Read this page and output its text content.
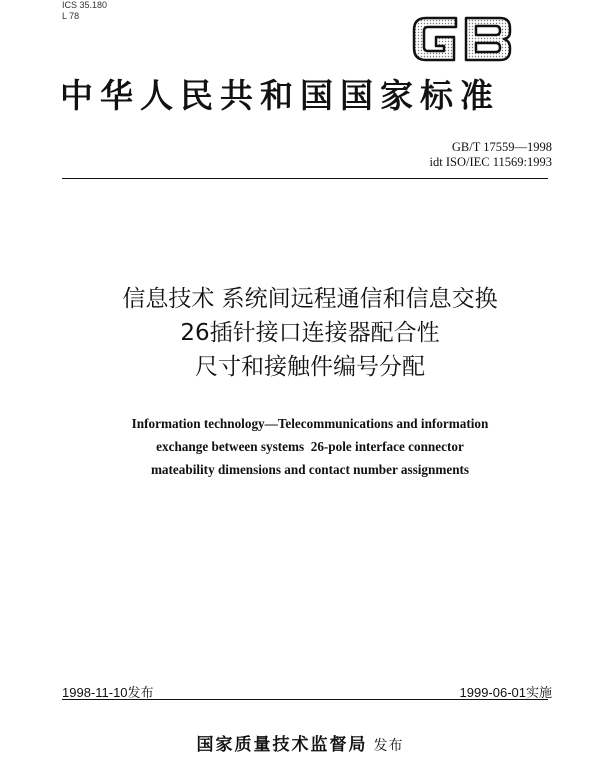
ICS 35.180
L 78
中华人民共和国国家标准
GB/T 17559—1998
idt ISO/IEC 11569:1993
信息技术 系统间远程通信和信息交换
26插针接口连接器配合性
尺寸和接触件编号分配
Information technology—Telecommunications and information
exchange between systems  26-pole interface connector
mateability dimensions and contact number assignments
1998-11-10发布	1999-06-01实施
国家质量技术监督局 发布
